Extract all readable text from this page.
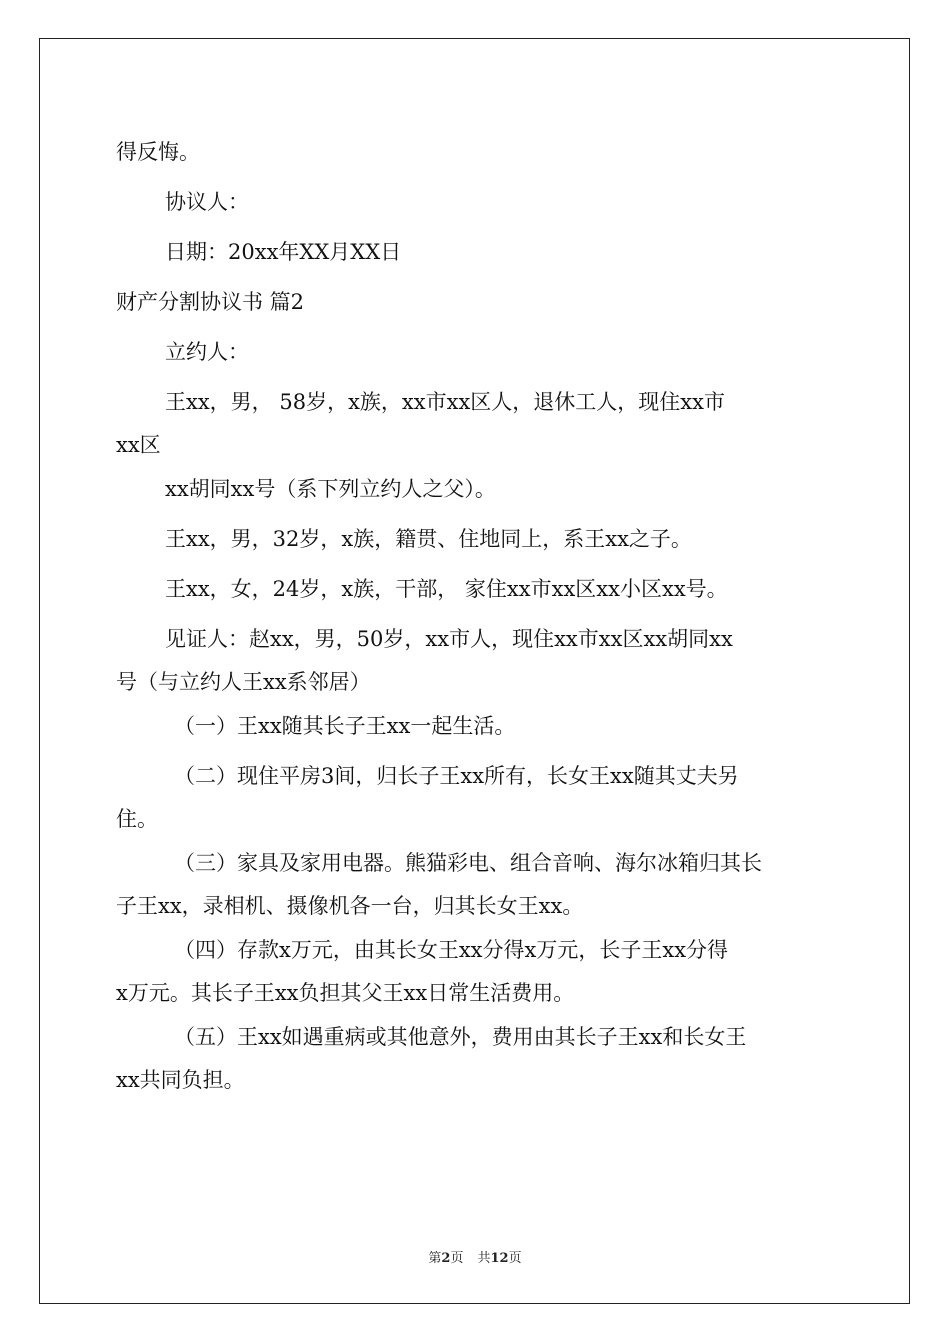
得反悔。
协议人：
日期：20xx年XX月XX日
财产分割协议书 篇2
立约人：
王xx，男， 58岁，x族，xx市xx区人，退休工人，现住xx市
xx区
xx胡同xx号（系下列立约人之父）。
王xx，男，32岁，x族，籍贯、住地同上，系王xx之子。
王xx，女，24岁，x族，干部， 家住xx市xx区xx小区xx号。
见证人：赵xx，男，50岁，xx市人，现住xx市xx区xx胡同xx
号（与立约人王xx系邻居）
（一）王xx随其长子王xx一起生活。
（二）现住平房3间，归长子王xx所有，长女王xx随其丈夫另
住。
（三）家具及家用电器。熊猫彩电、组合音响、海尔冰箱归其长
子王xx，录相机、摄像机各一台，归其长女王xx。
（四）存款x万元，由其长女王xx分得x万元，长子王xx分得
x万元。其长子王xx负担其父王xx日常生活费用。
（五）王xx如遇重病或其他意外，费用由其长子王xx和长女王
xx共同负担。
第2页 共12页
